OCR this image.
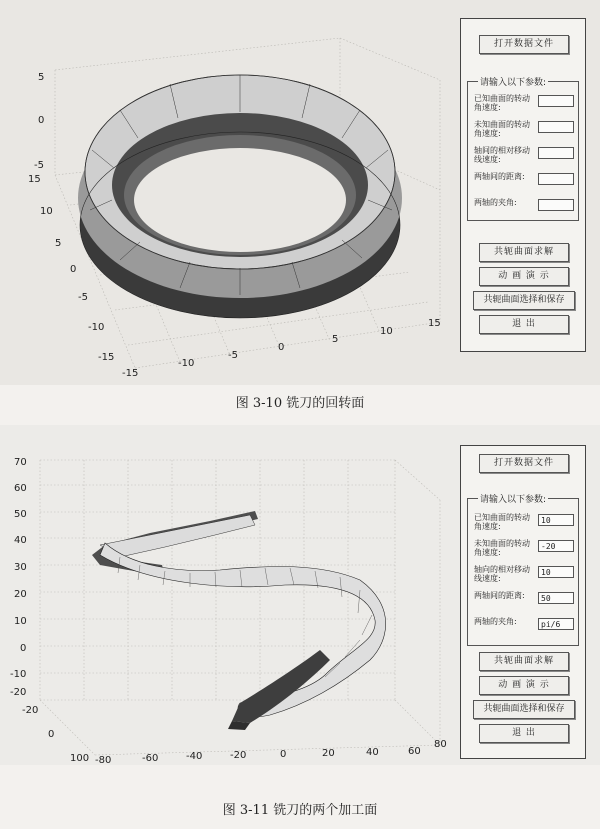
5
0
-5
15
10
5
0
-5
-10
-15
-15
-10
-5
0
5
10
15
打开数据文件
请输入以下参数:
已知曲面的转动角速度:
未知曲面的转动角速度:
轴间的相对移动线速度:
两轴间的距离:
两轴的夹角:
共轭曲面求解
动 画 演 示
共轭曲面选择和保存
退 出
图 3-10 铣刀的回转面
70
60
50
40
30
20
10
0
-10
-20
-20
0
100 -80	-60	-40	-20	0	20	40	60
80
打开数据文件
请输入以下参数:
已知曲面的转动角速度:
10
未知曲面的转动角速度:
-20
轴向的相对移动线速度:
10
两轴间的距离:	50
两轴的夹角:	pi/6
共轭曲面求解
动 画 演 示
共轭曲面选择和保存
退 出
图 3-11 铣刀的两个加工面
